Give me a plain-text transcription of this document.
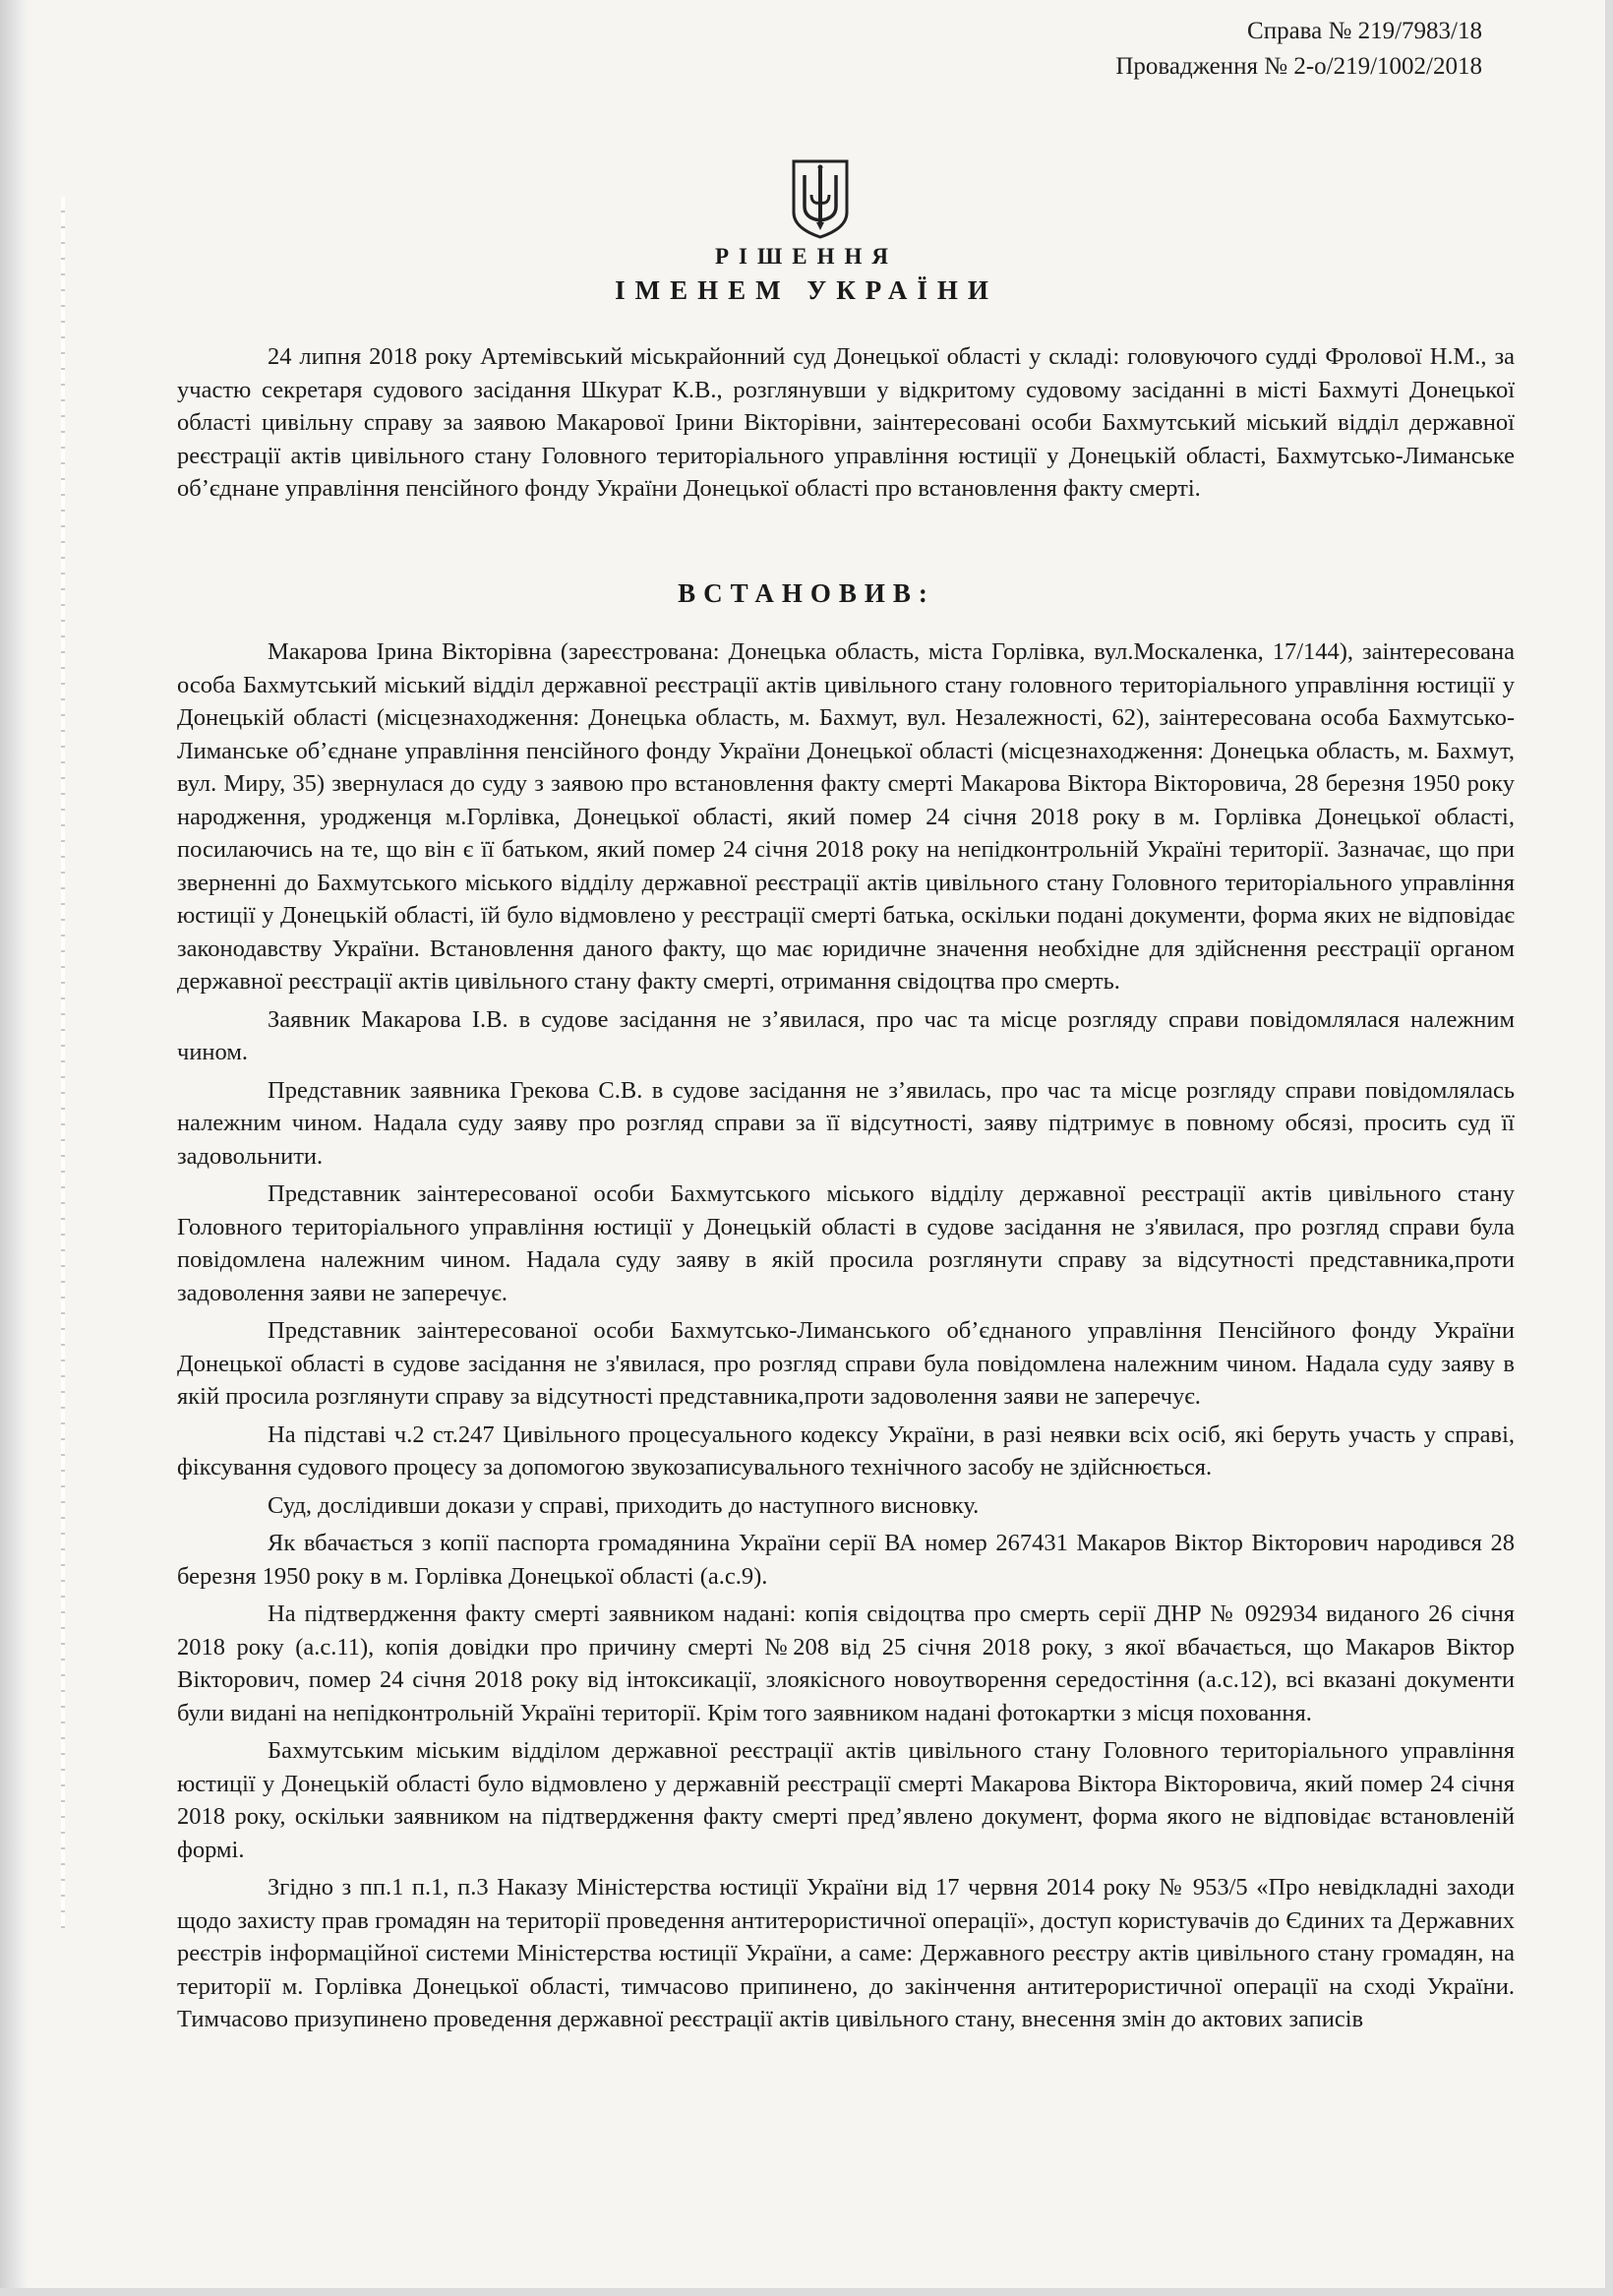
Справа № 219/7983/18
Провадження № 2-о/219/1002/2018
РІШЕННЯ
ІМЕНЕМ УКРАЇНИ

24 липня 2018 року Артемівський міськрайонний суд Донецької області у складі: головуючого судді Фролової Н.М., за участю секретаря судового засідання Шкурат К.В., розглянувши у відкритому судовому засіданні в місті Бахмуті Донецької області цивільну справу за заявою Макарової Ірини Вікторівни, заінтересовані особи Бахмутський міський відділ державної реєстрації актів цивільного стану Головного територіального управління юстиції у Донецькій області, Бахмутсько-Лиманське об’єднане управління пенсійного фонду України Донецької області про встановлення факту смерті.

ВСТАНОВИВ:

Макарова Ірина Вікторівна (зареєстрована: Донецька область, міста Горлівка, вул.Москаленка, 17/144), заінтересована особа Бахмутський міський відділ державної реєстрації актів цивільного стану головного територіального управління юстиції у Донецькій області (місцезнаходження: Донецька область, м. Бахмут, вул. Незалежності, 62), заінтересована особа Бахмутсько-Лиманське об’єднане управління пенсійного фонду України Донецької області (місцезнаходження: Донецька область, м. Бахмут, вул. Миру, 35) звернулася до суду з заявою про встановлення факту смерті Макарова Віктора Вікторовича, 28 березня 1950 року народження, уродженця м.Горлівка, Донецької області, який помер 24 січня 2018 року в м. Горлівка Донецької області, посилаючись на те, що він є її батьком, який помер 24 січня 2018 року на непідконтрольній Україні території. Зазначає, що при зверненні до Бахмутського міського відділу державної реєстрації актів цивільного стану Головного територіального управління юстиції у Донецькій області, їй було відмовлено у реєстрації смерті батька, оскільки подані документи, форма яких не відповідає законодавству України. Встановлення даного факту, що має юридичне значення необхідне для здійснення реєстрації органом державної реєстрації актів цивільного стану факту смерті, отримання свідоцтва про смерть.

Заявник Макарова І.В. в судове засідання не з’явилася, про час та місце розгляду справи повідомлялася належним чином.

Представник заявника Грекова С.В. в судове засідання не з’явилась, про час та місце розгляду справи повідомлялась належним чином. Надала суду заяву про розгляд справи за її відсутності, заяву підтримує в повному обсязі, просить суд її задовольнити.

Представник заінтересованої особи Бахмутського міського відділу державної реєстрації актів цивільного стану Головного територіального управління юстиції у Донецькій області в судове засідання не з'явилася, про розгляд справи була повідомлена належним чином. Надала суду заяву в якій просила розглянути справу за відсутності представника,проти задоволення заяви не заперечує.

Представник заінтересованої особи Бахмутсько-Лиманського об’єднаного управління Пенсійного фонду України Донецької області в судове засідання не з'явилася, про розгляд справи була повідомлена належним чином. Надала суду заяву в якій просила розглянути справу за відсутності представника,проти задоволення заяви не заперечує.

На підставі ч.2 ст.247 Цивільного процесуального кодексу України, в разі неявки всіх осіб, які беруть участь у справі, фіксування судового процесу за допомогою звукозаписувального технічного засобу не здійснюється.

Суд, дослідивши докази у справі, приходить до наступного висновку.

Як вбачається з копії паспорта громадянина України серії ВА номер 267431 Макаров Віктор Вікторович народився 28 березня 1950 року в м. Горлівка Донецької області (а.с.9).

На підтвердження факту смерті заявником надані: копія свідоцтва про смерть серії ДНР № 092934 виданого 26 січня 2018 року (а.с.11), копія довідки про причину смерті №208 від 25 січня 2018 року, з якої вбачається, що Макаров Віктор Вікторович, помер 24 січня 2018 року від інтоксикації, злоякісного новоутворення середостіння (а.с.12), всі вказані документи були видані на непідконтрольній Україні території. Крім того заявником надані фотокартки з місця поховання.

Бахмутським міським відділом державної реєстрації актів цивільного стану Головного територіального управління юстиції у Донецькій області було відмовлено у державній реєстрації смерті Макарова Віктора Вікторовича, який помер 24 січня 2018 року, оскільки заявником на підтвердження факту смерті пред’явлено документ, форма якого не відповідає встановленій формі.

Згідно з пп.1 п.1, п.3 Наказу Міністерства юстиції України від 17 червня 2014 року № 953/5 «Про невідкладні заходи щодо захисту прав громадян на території проведення антитерористичної операції», доступ користувачів до Єдиних та Державних реєстрів інформаційної системи Міністерства юстиції України, а саме: Державного реєстру актів цивільного стану громадян, на території м. Горлівка Донецької області, тимчасово припинено, до закінчення антитерористичної операції на сході України. Тимчасово призупинено проведення державної реєстрації актів цивільного стану, внесення змін до актових записів
